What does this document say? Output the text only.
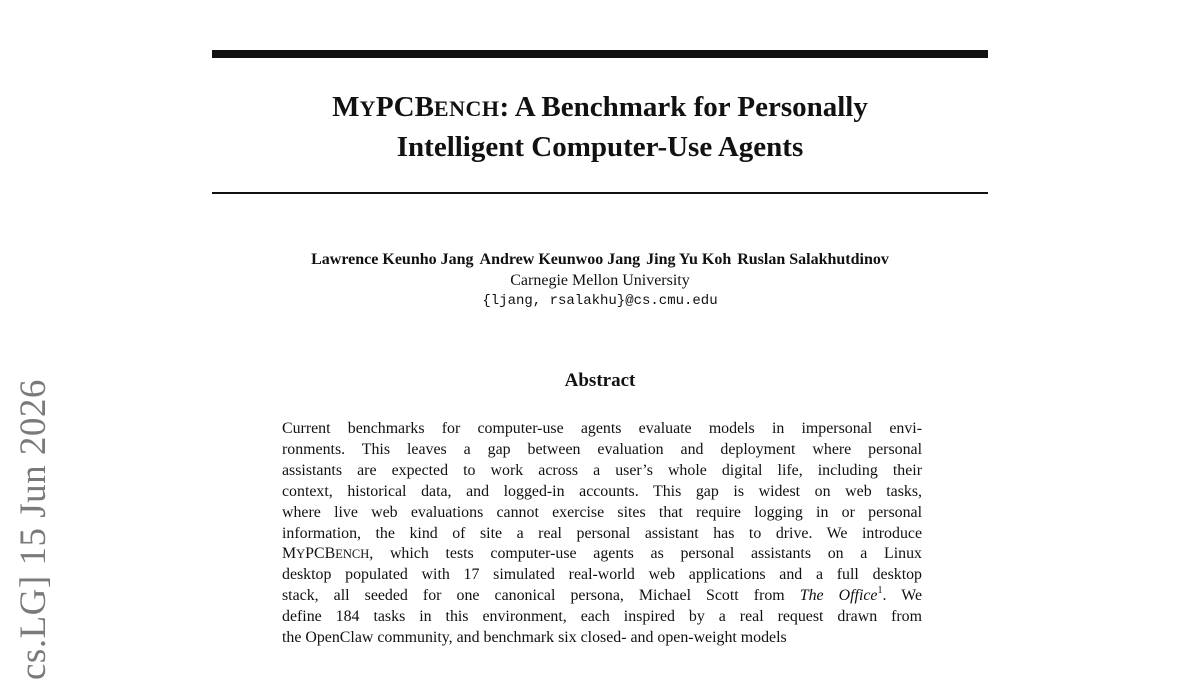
MYPCBENCH: A Benchmark for Personally
Intelligent Computer-Use Agents
Lawrence Keunho Jang Andrew Keunwoo Jang Jing Yu Koh Ruslan Salakhutdinov
Carnegie Mellon University
{ljang, rsalakhu}@cs.cmu.edu
Abstract
Current benchmarks for computer-use agents evaluate models in impersonal envi-
ronments. This leaves a gap between evaluation and deployment where personal
assistants are expected to work across a user’s whole digital life, including their
context, historical data, and logged-in accounts. This gap is widest on web tasks,
where live web evaluations cannot exercise sites that require logging in or personal
information, the kind of site a real personal assistant has to drive. We introduce
MYPCBENCH, which tests computer-use agents as personal assistants on a Linux
desktop populated with 17 simulated real-world web applications and a full desktop
stack, all seeded for one canonical persona, Michael Scott from The Office$^1$. We
define 184 tasks in this environment, each inspired by a real request drawn from
the OpenClaw community, and benchmark six closed- and open-weight models
cs.LG] 15 Jun 2026
